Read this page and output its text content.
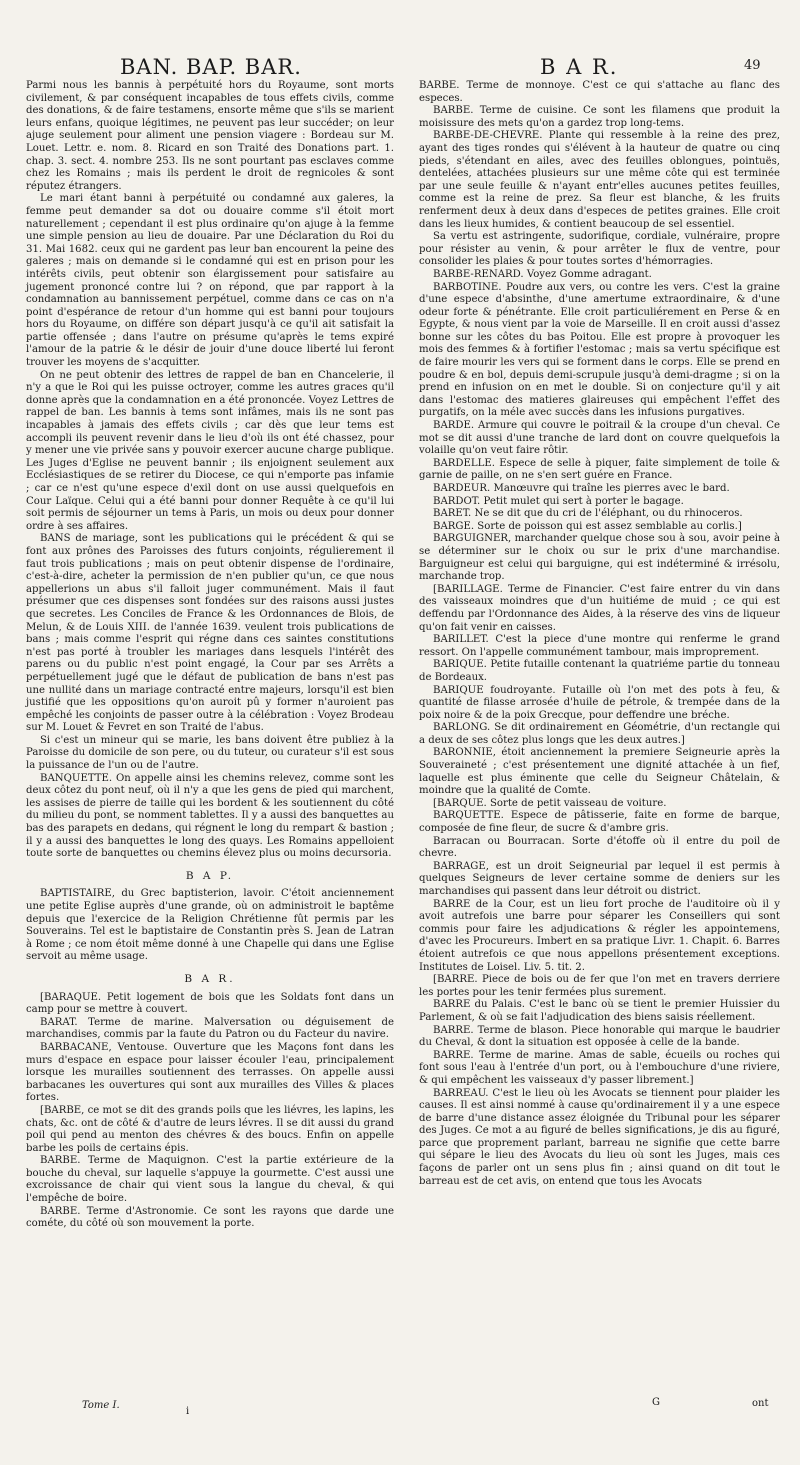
BAN. BAP. BAR.	B A R.	49

Parmi nous les bannis à perpétuité hors du Royaume, sont morts civilement, & par conséquent incapables de tous effets civils, comme des donations, & de faire testamens, ensorte même que s'ils se marient leurs enfans, quoique légitimes, ne peuvent pas leur succéder; on leur ajuge seulement pour aliment une pension viagere : Bordeau sur M. Louet. Lettr. e. nom. 8. Ricard en son Traité des Donations part. 1. chap. 3. sect. 4. nombre 253. Ils ne sont pourtant pas esclaves comme chez les Romains ; mais ils perdent le droit de regnicoles & sont réputez étrangers.

Le mari étant banni à perpétuité ou condamné aux galeres, la femme peut demander sa dot ou douaire comme s'il étoit mort naturellement ; cependant il est plus ordinaire qu'on ajuge à la femme une simple pension au lieu de douaire. Par une Déclaration du Roi du 31. Mai 1682. ceux qui ne gardent pas leur ban encourent la peine des galeres ; mais on demande si le condamné qui est en prison pour les intérêts civils, peut obtenir son élargissement pour satisfaire au jugement prononcé contre lui ? on répond, que par rapport à la condamnation au bannissement perpétuel, comme dans ce cas on n'a point d'espérance de retour d'un homme qui est banni pour toujours hors du Royaume, on différe son départ jusqu'à ce qu'il ait satisfait la partie offensée ; dans l'autre on présume qu'après le tems expiré l'amour de la patrie & le désir de jouir d'une douce liberté lui feront trouver les moyens de s'acquitter.

On ne peut obtenir des lettres de rappel de ban en Chancelerie, il n'y a que le Roi qui les puisse octroyer, comme les autres graces qu'il donne après que la condamnation en a été prononcée. Voyez Lettres de rappel de ban. Les bannis à tems sont infâmes, mais ils ne sont pas incapables à jamais des effets civils ; car dès que leur tems est accompli ils peuvent revenir dans le lieu d'où ils ont été chassez, pour y mener une vie privée sans y pouvoir exercer aucune charge publique. Les Juges d'Eglise ne peuvent bannir ; ils enjoignent seulement aux Ecclésiastiques de se retirer du Diocese, ce qui n'emporte pas infamie ; car ce n'est qu'une espece d'exil dont on use aussi quelquefois en Cour Laïque. Celui qui a été banni pour donner Requête à ce qu'il lui soit permis de séjourner un tems à Paris, un mois ou deux pour donner ordre à ses affaires.

BANS de mariage, sont les publications qui le précédent & qui se font aux prônes des Paroisses des futurs conjoints, régulierement il faut trois publications ; mais on peut obtenir dispense de l'ordinaire, c'est-à-dire, acheter la permission de n'en publier qu'un, ce que nous appellerions un abus s'il falloit juger communément. Mais il faut présumer que ces dispenses sont fondées sur des raisons aussi justes que secretes. Les Conciles de France & les Ordonnances de Blois, de Melun, & de Louis XIII. de l'année 1639. veulent trois publications de bans ; mais comme l'esprit qui régne dans ces saintes constitutions n'est pas porté à troubler les mariages dans lesquels l'intérêt des parens ou du public n'est point engagé, la Cour par ses Arrêts a perpétuellement jugé que le défaut de publication de bans n'est pas une nullité dans un mariage contracté entre majeurs, lorsqu'il est bien justifié que les oppositions qu'on auroit pû y former n'auroient pas empêché les conjoints de passer outre à la célébration : Voyez Brodeau sur M. Louet & Fevret en son Traité de l'abus.

Si c'est un mineur qui se marie, les bans doivent être publiez à la Paroisse du domicile de son pere, ou du tuteur, ou curateur s'il est sous la puissance de l'un ou de l'autre.

BANQUETTE. On appelle ainsi les chemins relevez, comme sont les deux côtez du pont neuf, où il n'y a que les gens de pied qui marchent, les assises de pierre de taille qui les bordent & les soutiennent du côté du milieu du pont, se nomment tablettes. Il y a aussi des banquettes au bas des parapets en dedans, qui régnent le long du rempart & bastion ; il y a aussi des banquettes le long des quays. Les Romains appelloient toute sorte de banquettes ou chemins élevez plus ou moins decursoria.

B A P.

BAPTISTAIRE, du Grec baptisterion, lavoir. C'étoit anciennement une petite Eglise auprès d'une grande, où on administroit le baptême depuis que l'exercice de la Religion Chrétienne fût permis par les Souverains. Tel est le baptistaire de Constantin près S. Jean de Latran à Rome ; ce nom étoit même donné à une Chapelle qui dans une Eglise servoit au même usage.

B A R.

[BARAQUE. Petit logement de bois que les Soldats font dans un camp pour se mettre à couvert.

BARAT. Terme de marine. Malversation ou déguisement de marchandises, commis par la faute du Patron ou du Facteur du navire.

BARBACANE, Ventouse. Ouverture que les Maçons font dans les murs d'espace en espace pour laisser écouler l'eau, principalement lorsque les murailles soutiennent des terrasses. On appelle aussi barbacanes les ouvertures qui sont aux murailles des Villes & places fortes.

[BARBE, ce mot se dit des grands poils que les liévres, les lapins, les chats, &c. ont de côté & d'autre de leurs lévres. Il se dit aussi du grand poil qui pend au menton des chévres & des boucs. Enfin on appelle barbe les poils de certains épis.

BARBE. Terme de Maquignon. C'est la partie extérieure de la bouche du cheval, sur laquelle s'appuye la gourmette. C'est aussi une excroissance de chair qui vient sous la langue du cheval, & qui l'empêche de boire.

BARBE. Terme d'Astronomie. Ce sont les rayons que darde une cométe, du côté où son mouvement la porte.

BARBE. Terme de monnoye. C'est ce qui s'attache au flanc des especes.

BARBE. Terme de cuisine. Ce sont les filamens que produit la moisissure des mets qu'on a gardez trop long-tems.

BARBE-DE-CHEVRE. Plante qui ressemble à la reine des prez, ayant des tiges rondes qui s'élévent à la hauteur de quatre ou cinq pieds, s'étendant en ailes, avec des feuilles oblongues, pointuës, dentelées, attachées plusieurs sur une même côte qui est terminée par une seule feuille & n'ayant entr'elles aucunes petites feuilles, comme est la reine de prez. Sa fleur est blanche, & les fruits renferment deux à deux dans d'especes de petites graines. Elle croit dans les lieux humides, & contient beaucoup de sel essentiel.

Sa vertu est astringente, sudorifique, cordiale, vulnéraire, propre pour résister au venin, & pour arrêter le flux de ventre, pour consolider les plaies & pour toutes sortes d'hémorragies.

BARBE-RENARD. Voyez Gomme adragant.

BARBOTINE. Poudre aux vers, ou contre les vers. C'est la graine d'une espece d'absinthe, d'une amertume extraordinaire, & d'une odeur forte & pénétrante. Elle croit particuliérement en Perse & en Egypte, & nous vient par la voie de Marseille. Il en croit aussi d'assez bonne sur les côtes du bas Poitou. Elle est propre à provoquer les mois des femmes & à fortifier l'estomac ; mais sa vertu spécifique est de faire mourir les vers qui se forment dans le corps. Elle se prend en poudre & en bol, depuis demi-scrupule jusqu'à demi-dragme ; si on la prend en infusion on en met le double. Si on conjecture qu'il y ait dans l'estomac des matieres glaireuses qui empêchent l'effet des purgatifs, on la méle avec succès dans les infusions purgatives.

BARDE. Armure qui couvre le poitrail & la croupe d'un cheval. Ce mot se dit aussi d'une tranche de lard dont on couvre quelquefois la volaille qu'on veut faire rôtir.

BARDELLE. Espece de selle à piquer, faite simplement de toile & garnie de paille, on ne s'en sert guére en France.

BARDEUR. Manœuvre qui traîne les pierres avec le bard.

BARDOT. Petit mulet qui sert à porter le bagage.

BARET. Ne se dit que du cri de l'éléphant, ou du rhinoceros.

BARGE. Sorte de poisson qui est assez semblable au corlis.]

BARGUIGNER, marchander quelque chose sou à sou, avoir peine à se déterminer sur le choix ou sur le prix d'une marchandise. Barguigneur est celui qui barguigne, qui est indéterminé & irrésolu, marchande trop.

[BARILLAGE. Terme de Financier. C'est faire entrer du vin dans des vaisseaux moindres que d'un huitiéme de muid ; ce qui est deffendu par l'Ordonnance des Aides, à la réserve des vins de liqueur qu'on fait venir en caisses.

BARILLET. C'est la piece d'une montre qui renferme le grand ressort. On l'appelle communément tambour, mais improprement.

BARIQUE. Petite futaille contenant la quatriéme partie du tonneau de Bordeaux.

BARIQUE foudroyante. Futaille où l'on met des pots à feu, & quantité de filasse arrosée d'huile de pétrole, & trempée dans de la poix noire & de la poix Grecque, pour deffendre une bréche.

BARLONG. Se dit ordinairement en Géométrie, d'un rectangle qui a deux de ses côtez plus longs que les deux autres.]

BARONNIE, étoit anciennement la premiere Seigneurie après la Souveraineté ; c'est présentement une dignité attachée à un fief, laquelle est plus éminente que celle du Seigneur Châtelain, & moindre que la qualité de Comte.

[BARQUE. Sorte de petit vaisseau de voiture.

BARQUETTE. Espece de pâtisserie, faite en forme de barque, composée de fine fleur, de sucre & d'ambre gris.

Barracan ou Bourracan. Sorte d'étoffe où il entre du poil de chevre.

BARRAGE, est un droit Seigneurial par lequel il est permis à quelques Seigneurs de lever certaine somme de deniers sur les marchandises qui passent dans leur détroit ou district.

BARRE de la Cour, est un lieu fort proche de l'auditoire où il y avoit autrefois une barre pour séparer les Conseillers qui sont commis pour faire les adjudications & régler les appointemens, d'avec les Procureurs. Imbert en sa pratique Livr. 1. Chapit. 6. Barres étoient autrefois ce que nous appellons présentement exceptions. Institutes de Loisel. Liv. 5. tit. 2.

[BARRE. Piece de bois ou de fer que l'on met en travers derriere les portes pour les tenir fermées plus surement.

BARRE du Palais. C'est le banc où se tient le premier Huissier du Parlement, & où se fait l'adjudication des biens saisis réellement.

BARRE. Terme de blason. Piece honorable qui marque le baudrier du Cheval, & dont la situation est opposée à celle de la bande.

BARRE. Terme de marine. Amas de sable, écueils ou roches qui font sous l'eau à l'entrée d'un port, ou à l'embouchure d'une riviere, & qui empêchent les vaisseaux d'y passer librement.]

BARREAU. C'est le lieu où les Avocats se tiennent pour plaider les causes. Il est ainsi nommé à cause qu'ordinairement il y a une espece de barre d'une distance assez éloignée du Tribunal pour les séparer des Juges. Ce mot a au figuré de belles significations, je dis au figuré, parce que proprement parlant, barreau ne signifie que cette barre qui sépare le lieu des Avocats du lieu où sont les Juges, mais ces façons de parler ont un sens plus fin ; ainsi quand on dit tout le barreau est de cet avis, on entend que tous les Avocats

Tome I.
i
G	ont
